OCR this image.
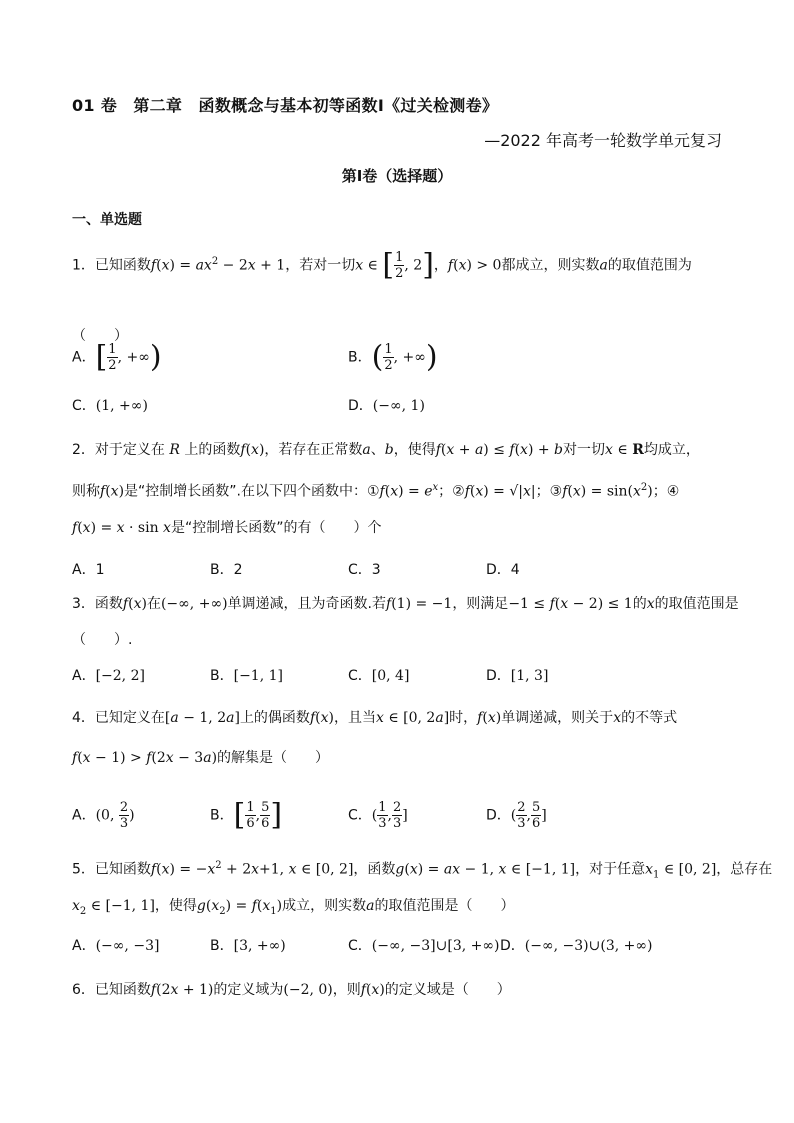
01 卷　第二章　函数概念与基本初等函数Ⅰ《过关检测卷》
—2022 年高考一轮数学单元复习
第Ⅰ卷（选择题）
一、单选题
1．已知函数$f(x) = ax^2 - 2x + 1$，若对一切x ∈ [ $\frac{1}{2}$ , 2]，f(x) > 0都成立，则实数a的取值范围为
（　　）
A．[ $\frac{1}{2}$ , +∞)	B．( $\frac{1}{2}$ , +∞)
C．(1, +∞)	D．(−∞, 1)
2．对于定义在 R 上的函数f(x)，若存在正常数a、b，使得f(x + a) ≤ f(x) + b对一切x ∈ R均成立，
则称f(x)是“控制增长函数”.在以下四个函数中：①f(x) = $e^x$；②f(x) = √|x|；③f(x) = $\sin(x^2)$；④
f(x) = x · sin x是“控制增长函数”的有（　　）个
A．1	B．2	C．3	D．4
3．函数f(x)在(−∞, +∞)单调递减，且为奇函数.若f(1) = −1，则满足−1 ≤ f(x − 2) ≤ 1的x的取值范围是
（　　）.
A．[−2, 2]	B．[−1, 1]	C．[0, 4]	D．[1, 3]
4．已知定义在[a − 1, 2a]上的偶函数f(x)，且当x ∈ [0, 2a]时，f(x)单调递减，则关于x的不等式
f(x − 1) > f(2x − 3a)的解集是（　　）
A．(0, $\frac{2}{3}$ )	B．[ $\frac{1}{6}$ , $\frac{5}{6}$ ]	C．( $\frac{1}{3}$ , $\frac{2}{3}$ ]	D．( $\frac{2}{3}$ , $\frac{5}{6}$ ]
5．已知函数$f(x) = -x^2 + 2x+1$, x ∈ [0, 2]，函数g(x) = ax − 1, x ∈ [−1, 1]，对于任意$x_1$ ∈ [0, 2]，总存在
$x_2$ ∈ [−1, 1]，使得$g(x_2) = f(x_1)$成立，则实数a的取值范围是（　　）
A．(−∞, −3]	B．[3, +∞)	C．(−∞, −3]∪[3, +∞) D．(−∞, −3)∪(3, +∞)
6．已知函数f(2x + 1)的定义域为(−2, 0)，则f(x)的定义域是（　　）
